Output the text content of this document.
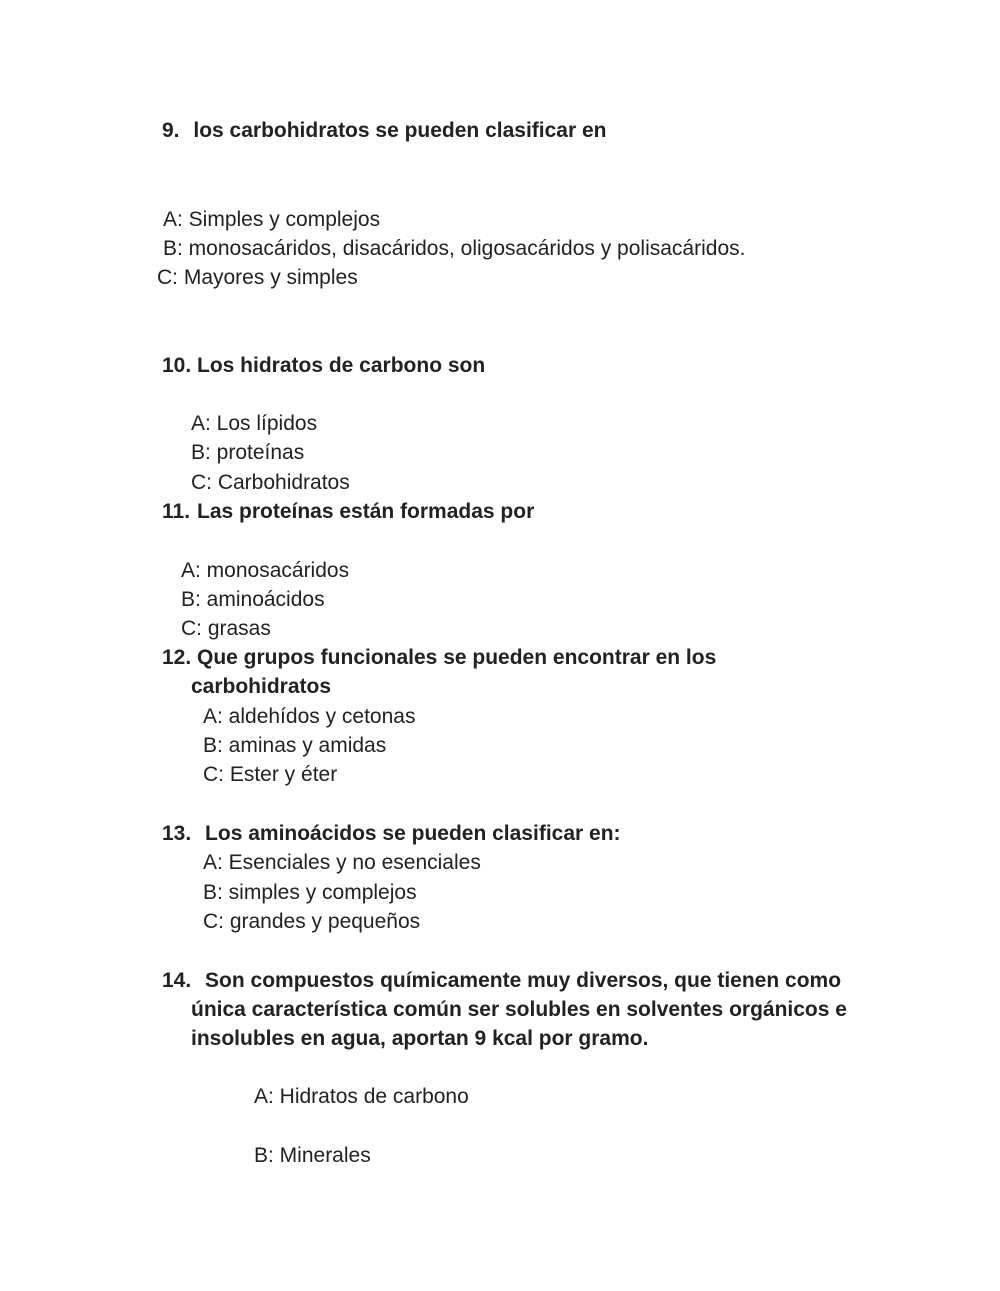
9. los carbohidratos se pueden clasificar en
A: Simples y complejos
B: monosacáridos, disacáridos, oligosacáridos y polisacáridos.
C: Mayores y simples
10. Los hidratos de carbono son
A: Los lípidos
B: proteínas
C: Carbohidratos
11. Las proteínas están formadas por
A: monosacáridos
B: aminoácidos
C: grasas
12. Que grupos funcionales se pueden encontrar en los
carbohidratos
A: aldehídos y cetonas
B: aminas y amidas
C: Ester y éter
13. Los aminoácidos se pueden clasificar en:
A: Esenciales y no esenciales
B: simples y complejos
C: grandes y pequeños
14. Son compuestos químicamente muy diversos, que tienen como
única característica común ser solubles en solventes orgánicos e
insolubles en agua, aportan 9 kcal por gramo.
A: Hidratos de carbono
B: Minerales
